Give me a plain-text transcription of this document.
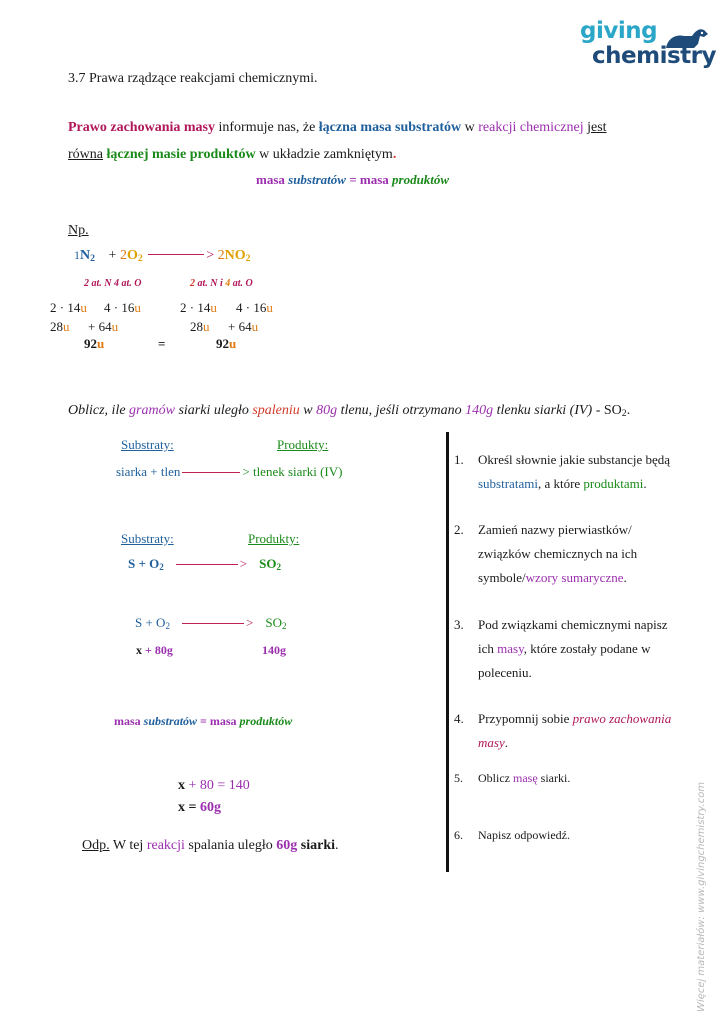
giving
chemistry
3.7 Prawa rządzące reakcjami chemicznymi.
Prawo zachowania masy informuje nas, że łączna masa substratów w reakcji chemicznej jest
równa łącznej masie produktów w układzie zamkniętym.
masa substratów = masa produktów
Np.
$1N_2 + 2O_2$	> $2NO_2$
2 at. N 4 at. O	2 at. N i 4 at. O
2 · 14u 4 · 16u	2 · 14u 4 · 16u
28u + 64u	28u + 64u
92u	=	92u
Oblicz, ile gramów siarki uległo spaleniu w 80g tlenu, jeśli otrzymano 140g tlenku siarki $(IV) - SO_2$.
Substraty:	Produkty:
siarka + tlen	> tlenek siarki (IV)
Substraty:	Produkty:
$S + O_2$	> $SO_2$
$S + O_2$	> $SO_2$
x + 80g	140g
masa substratów = masa produktów
x + 80 = 140
x = 60g
Odp. W tej reakcji spalania uległo 60g siarki.
1. Określ słownie jakie substancje będą
substratami, a które produktami.
2. Zamień nazwy pierwiastków/
związków chemicznych na ich
symbole/wzory sumaryczne.
3. Pod związkami chemicznymi napisz
ich masy, które zostały podane w
poleceniu.
4. Przypomnij sobie prawo zachowania
masy.
5. Oblicz masę siarki.
6. Napisz odpowiedź.	Więcej materiałów: www.givingchemistry.com
